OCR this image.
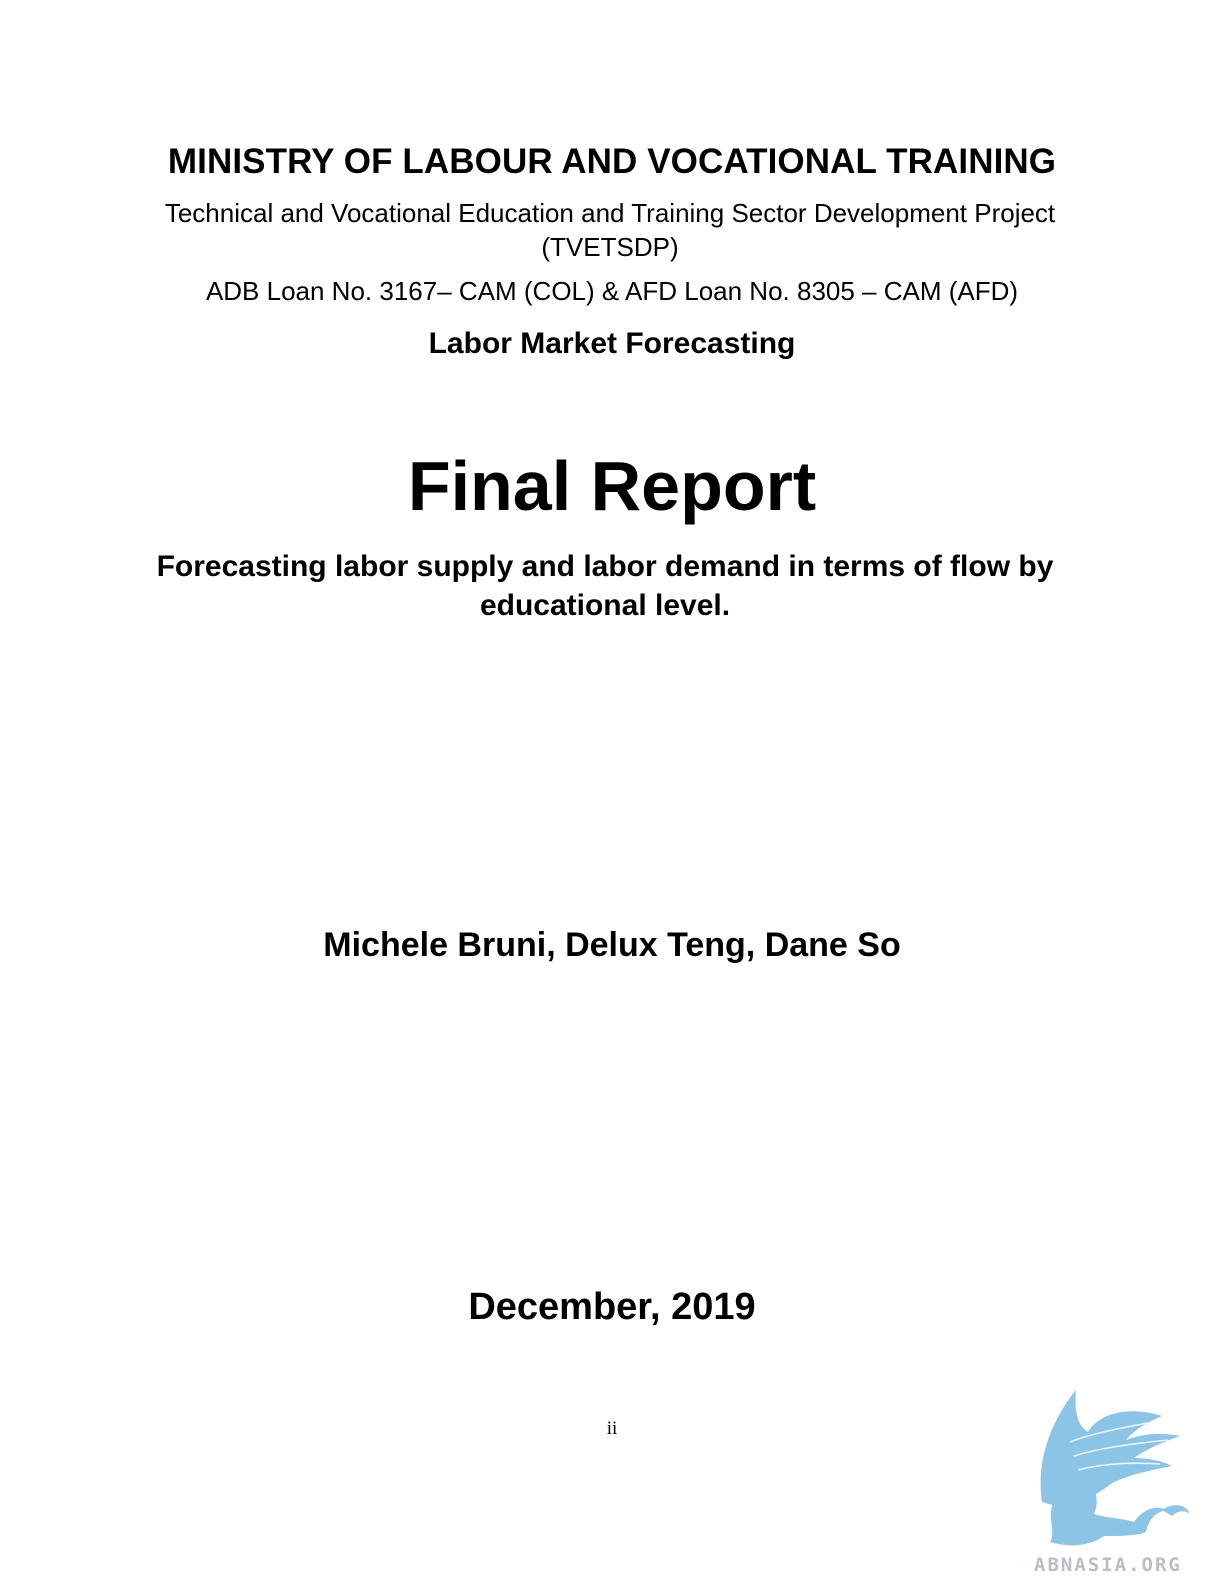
MINISTRY OF LABOUR AND VOCATIONAL TRAINING
Technical and Vocational Education and Training Sector Development Project (TVETSDP)
ADB Loan No. 3167– CAM (COL) & AFD Loan No. 8305 – CAM (AFD)
Labor Market Forecasting
Final Report
Forecasting labor supply and labor demand in terms of flow by educational level.
Michele Bruni, Delux Teng, Dane So
December, 2019
ii
ABNASIA.ORG
